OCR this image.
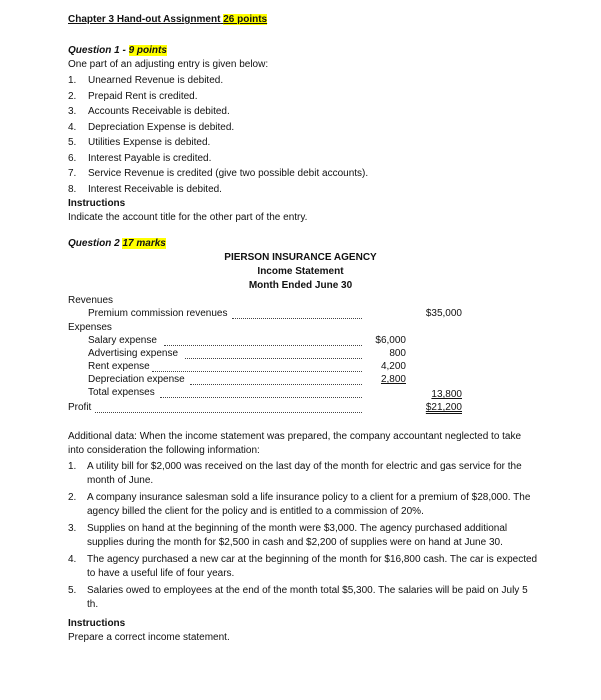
Chapter 3 Hand-out Assignment 26 points
Question 1 - 9 points
One part of an adjusting entry is given below:
1. Unearned Revenue is debited.
2. Prepaid Rent is credited.
3. Accounts Receivable is debited.
4. Depreciation Expense is debited.
5. Utilities Expense is debited.
6. Interest Payable is credited.
7. Service Revenue is credited (give two possible debit accounts).
8. Interest Receivable is debited.
Instructions
Indicate the account title for the other part of the entry.
Question 2 17 marks
PIERSON INSURANCE AGENCY
Income Statement
Month Ended June 30
Revenues
Premium commission revenues	$35,000
Expenses
Salary expense	$6,000
Advertising expense	800
Rent expense	4,200
Depreciation expense	2,800
Total expenses	13,800
Profit	$21,200
Additional data: When the income statement was prepared, the company accountant neglected to take into consideration the following information:
1. A utility bill for $2,000 was received on the last day of the month for electric and gas service for the month of June.
2. A company insurance salesman sold a life insurance policy to a client for a premium of $28,000. The agency billed the client for the policy and is entitled to a commission of 20%.
3. Supplies on hand at the beginning of the month were $3,000. The agency purchased additional supplies during the month for $2,500 in cash and $2,200 of supplies were on hand at June 30.
4. The agency purchased a new car at the beginning of the month for $16,800 cash. The car is expected to have a useful life of four years.
5. Salaries owed to employees at the end of the month total $5,300. The salaries will be paid on July 5 th.
Instructions
Prepare a correct income statement.
